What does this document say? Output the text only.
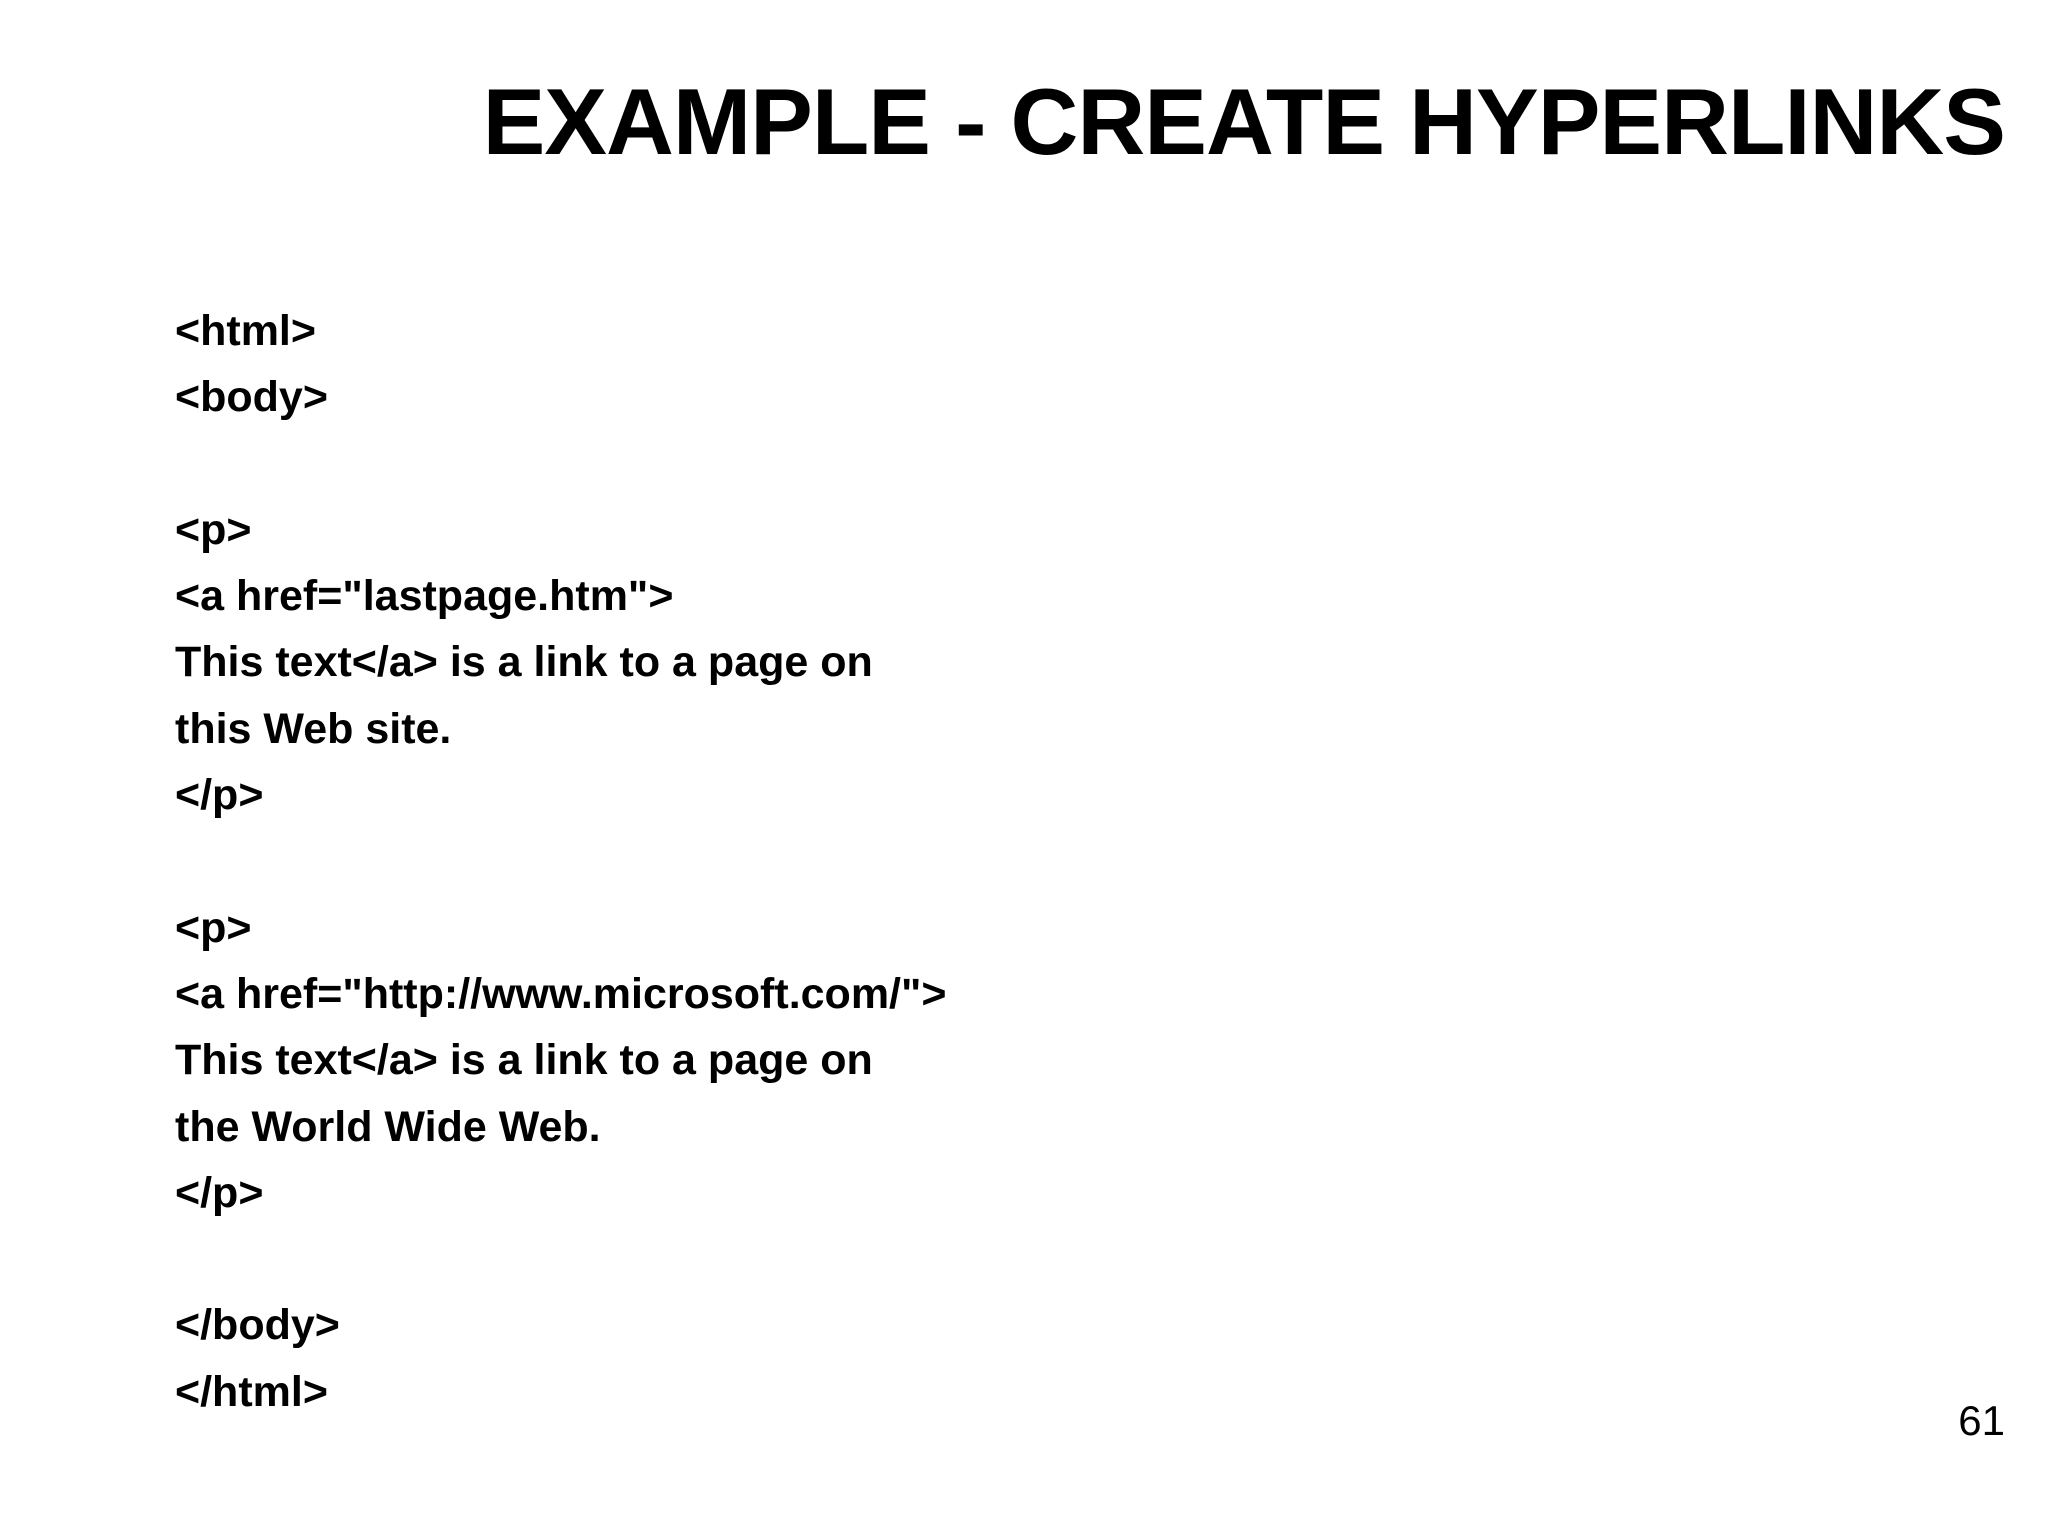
EXAMPLE - CREATE HYPERLINKS
<html>
<body>
<p>
<a href="lastpage.htm">
This text</a> is a link to a page on
this Web site.
</p>
<p>
<a href="http://www.microsoft.com/">
This text</a> is a link to a page on
the World Wide Web.
</p>
</body>
</html>
61
